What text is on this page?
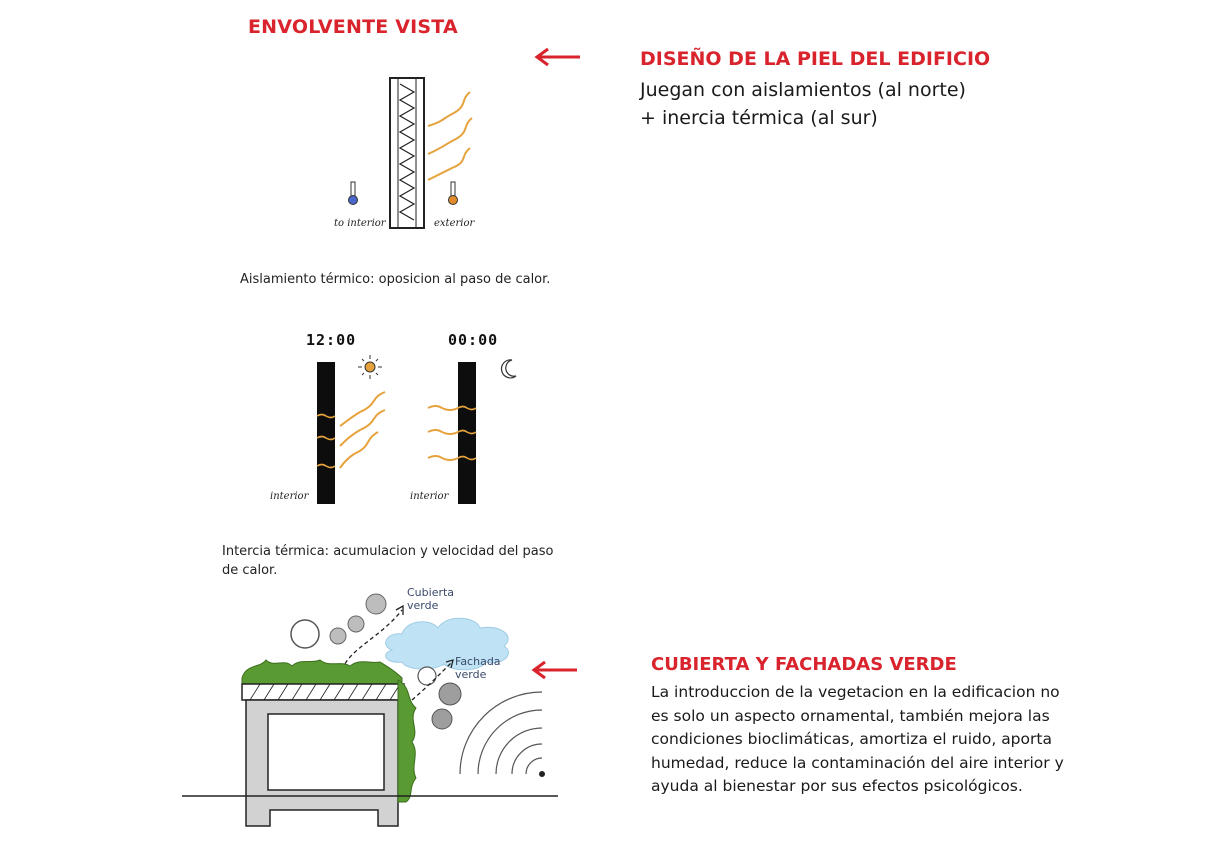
ENVOLVENTE VISTA
DISEÑO DE LA PIEL DEL EDIFICIO
Juegan con aislamientos (al norte)
+ inercia térmica (al sur)
to interior	exterior
Aislamiento térmico: oposicion al paso de calor.
12:00	00:00
interior	interior
Intercia térmica: acumulacion y velocidad del paso de calor.
Cubierta
verde
Fachada
verde	CUBIERTA Y FACHADAS VERDE
La introduccion de la vegetacion en la edificacion no
es solo un aspecto ornamental, también mejora las
condiciones bioclimáticas, amortiza el ruido, aporta
humedad, reduce la contaminación del aire interior y
ayuda al bienestar por sus efectos psicológicos.
